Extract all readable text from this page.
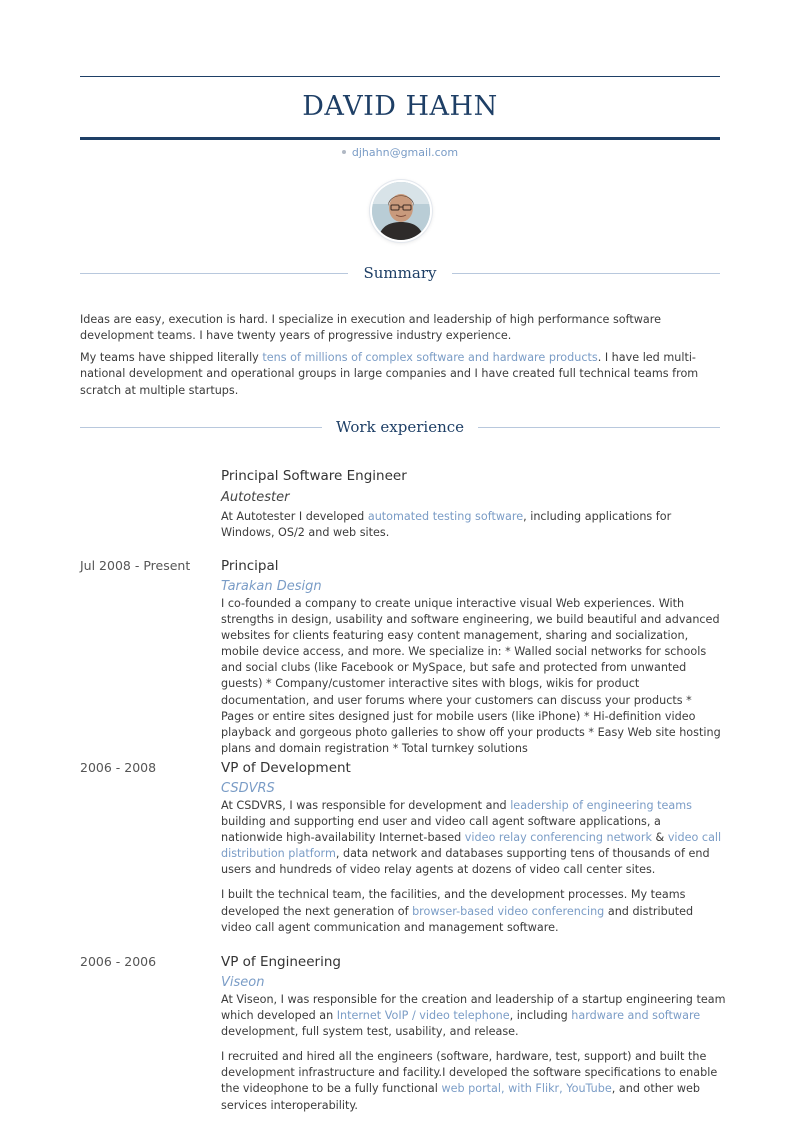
DAVID HAHN
djhahn@gmail.com
Summary

Ideas are easy, execution is hard. I specialize in execution and leadership of high performance software development teams. I have twenty years of progressive industry experience.

My teams have shipped literally tens of millions of complex software and hardware products. I have led multi-national development and operational groups in large companies and I have created full technical teams from scratch at multiple startups.

Work experience
Principal Software Engineer
Autotester

At Autotester I developed automated testing software, including applications for Windows, OS/2 and web sites.

Jul 2008 - Present Principal
Tarakan Design

I co-founded a company to create unique interactive visual Web experiences. With strengths in design, usability and software engineering, we build beautiful and advanced websites for clients featuring easy content management, sharing and socialization, mobile device access, and more. We specialize in: * Walled social networks for schools and social clubs (like Facebook or MySpace, but safe and protected from unwanted guests) * Company/customer interactive sites with blogs, wikis for product documentation, and user forums where your customers can discuss your products * Pages or entire sites designed just for mobile users (like iPhone) * Hi-definition video playback and gorgeous photo galleries to show off your products * Easy Web site hosting plans and domain registration * Total turnkey solutions

2006 - 2008	VP of Development
CSDVRS

At CSDVRS, I was responsible for development and leadership of engineering teams building and supporting end user and video call agent software applications, a nationwide high-availability Internet-based video relay conferencing network & video call distribution platform, data network and databases supporting tens of thousands of end users and hundreds of video relay agents at dozens of video call center sites.

I built the technical team, the facilities, and the development processes. My teams developed the next generation of browser-based video conferencing and distributed video call agent communication and management software.

2006 - 2006	VP of Engineering
Viseon

At Viseon, I was responsible for the creation and leadership of a startup engineering team which developed an Internet VoIP / video telephone, including hardware and software development, full system test, usability, and release.

I recruited and hired all the engineers (software, hardware, test, support) and built the development infrastructure and facility.I developed the software specifications to enable the videophone to be a fully functional web portal, with Flikr, YouTube, and other web services interoperability.
